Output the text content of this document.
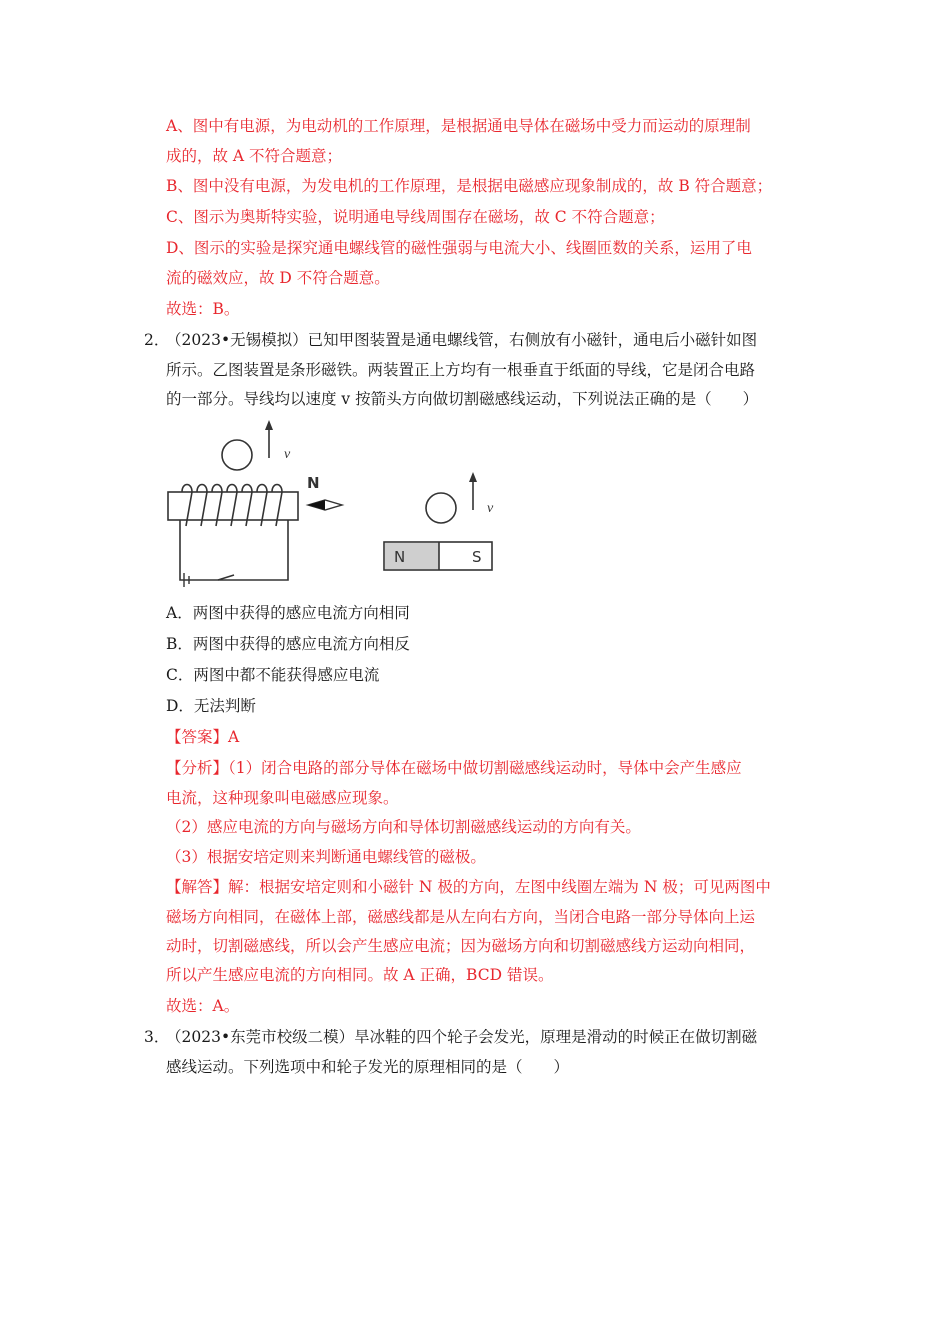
A、图中有电源，为电动机的工作原理，是根据通电导体在磁场中受力而运动的原理制
成的，故 A 不符合题意；
B、图中没有电源，为发电机的工作原理，是根据电磁感应现象制成的，故 B 符合题意；
C、图示为奥斯特实验，说明通电导线周围存在磁场，故 C 不符合题意；
D、图示的实验是探究通电螺线管的磁性强弱与电流大小、线圈匝数的关系，运用了电
流的磁效应，故 D 不符合题意。
故选：B。
2．
（2023•无锡模拟）已知甲图装置是通电螺线管，右侧放有小磁针，通电后小磁针如图
所示。乙图装置是条形磁铁。两装置正上方均有一根垂直于纸面的导线，它是闭合电路
的一部分。导线均以速度 v 按箭头方向做切割磁感线运动，下列说法正确的是（　　）
v
N
v
N	S
A．两图中获得的感应电流方向相同
B．两图中获得的感应电流方向相反
C．两图中都不能获得感应电流
D．无法判断
【答案】A
【分析】（1）闭合电路的部分导体在磁场中做切割磁感线运动时，导体中会产生感应
电流，这种现象叫电磁感应现象。
（2）感应电流的方向与磁场方向和导体切割磁感线运动的方向有关。
（3）根据安培定则来判断通电螺线管的磁极。
【解答】解：根据安培定则和小磁针 N 极的方向，左图中线圈左端为 N 极；可见两图中
磁场方向相同，在磁体上部，磁感线都是从左向右方向，当闭合电路一部分导体向上运
动时，切割磁感线，所以会产生感应电流；因为磁场方向和切割磁感线方运动向相同，
所以产生感应电流的方向相同。故 A 正确，BCD 错误。
故选：A。
3．
（2023•东莞市校级二模）旱冰鞋的四个轮子会发光，原理是滑动的时候正在做切割磁
感线运动。下列选项中和轮子发光的原理相同的是（　　）
